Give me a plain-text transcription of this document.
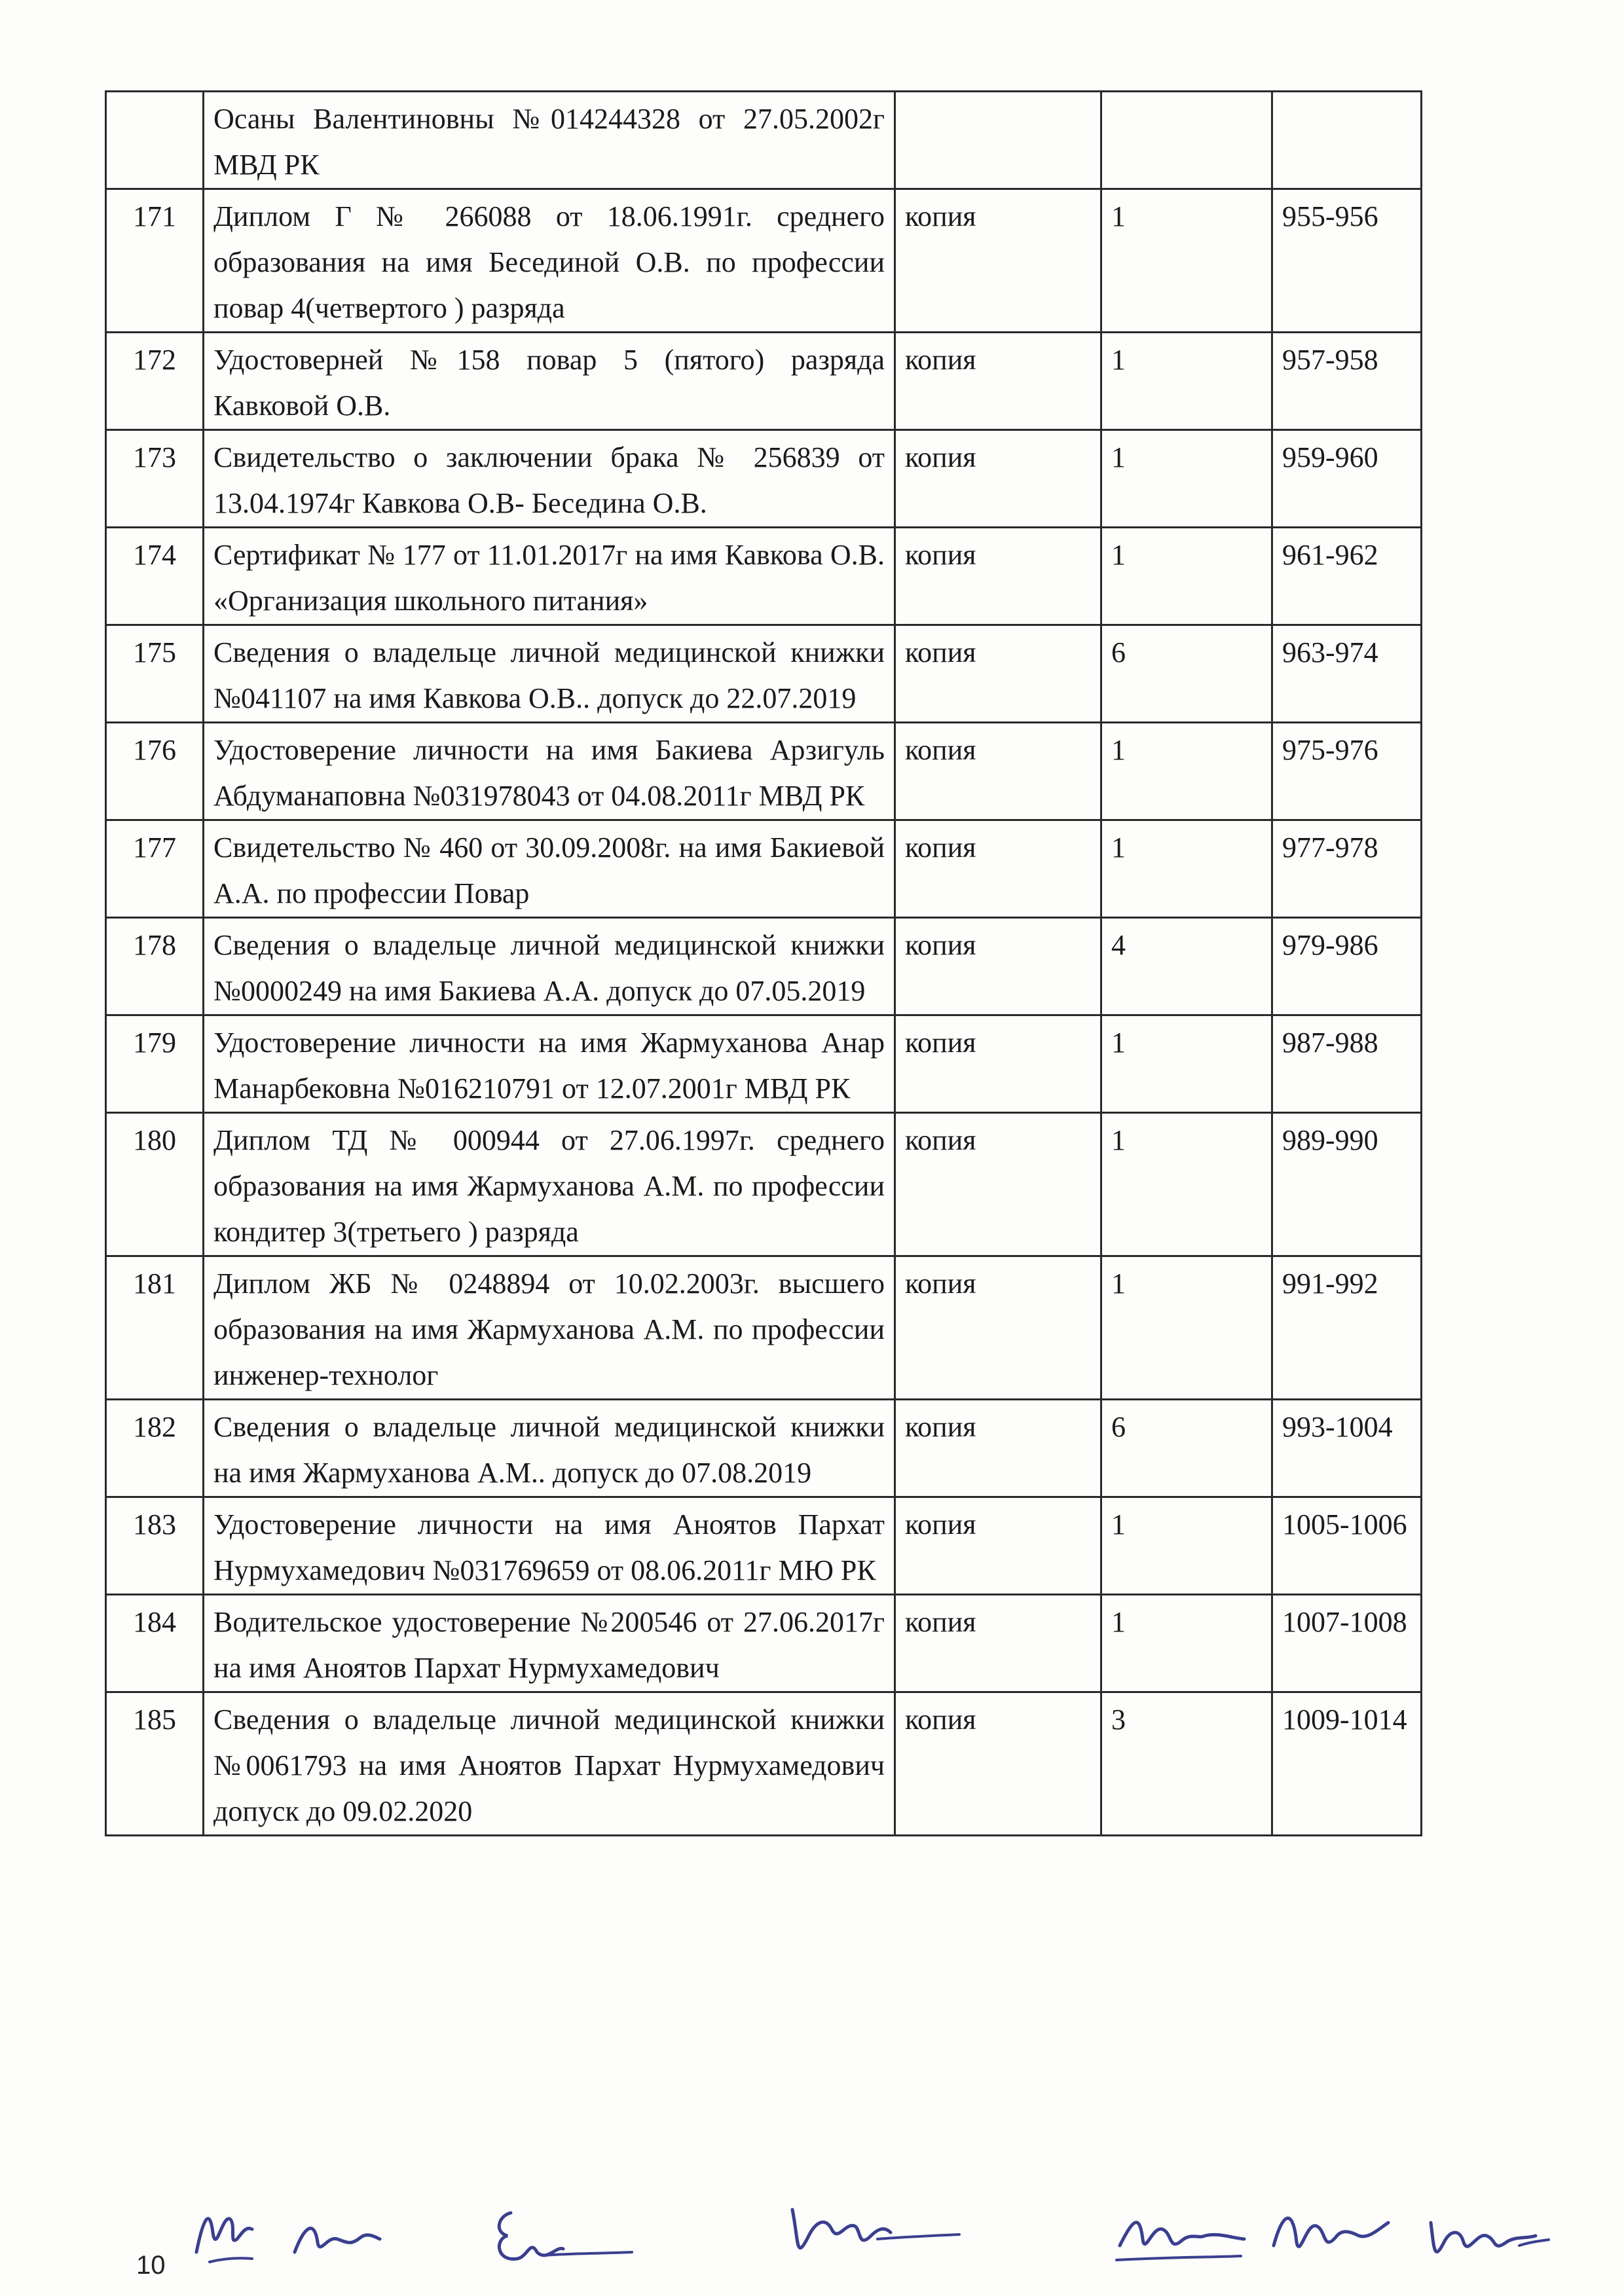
	Осаны Валентиновны №014244328 от 27.05.2002г МВД РК			
171	Диплом Г № 266088 от 18.06.1991г. среднего образования на имя Бесединой О.В. по профессии повар 4(четвертого ) разряда	копия	1	955-956
172	Удостоверней №158 повар 5 (пятого) разряда Кавковой О.В.	копия	1	957-958
173	Свидетельство о заключении брака № 256839 от 13.04.1974г Кавкова О.В- Беседина О.В.	копия	1	959-960
174	Сертификат № 177 от 11.01.2017г на имя Кавкова О.В. «Организация школьного питания»	копия	1	961-962
175	Сведения о владельце личной медицинской книжки №041107 на имя Кавкова О.В.. допуск до 22.07.2019	копия	6	963-974
176	Удостоверение личности на имя Бакиева Арзигуль Абдуманаповна №031978043 от 04.08.2011г МВД РК	копия	1	975-976
177	Свидетельство № 460 от 30.09.2008г. на имя Бакиевой А.А. по профессии Повар	копия	1	977-978
178	Сведения о владельце личной медицинской книжки №0000249 на имя Бакиева А.А. допуск до 07.05.2019	копия	4	979-986
179	Удостоверение личности на имя Жармуханова Анар Манарбековна №016210791 от 12.07.2001г МВД РК	копия	1	987-988
180	Диплом ТД № 000944 от 27.06.1997г. среднего образования на имя Жармуханова А.М. по профессии кондитер 3(третьего ) разряда	копия	1	989-990
181	Диплом ЖБ № 0248894 от 10.02.2003г. высшего образования на имя Жармуханова А.М. по профессии инженер-технолог	копия	1	991-992
182	Сведения о владельце личной медицинской книжки на имя Жармуханова А.М.. допуск до 07.08.2019	копия	6	993-1004
183	Удостоверение личности на имя Аноятов Пархат Нурмухамедович №031769659 от 08.06.2011г МЮ РК	копия	1	1005-1006
184	Водительское удостоверение №200546 от 27.06.2017г на имя Аноятов Пархат Нурмухамедович	копия	1	1007-1008
185	Сведения о владельце личной медицинской книжки №0061793 на имя Аноятов Пархат Нурмухамедович допуск до 09.02.2020	копия	3	1009-1014
10
